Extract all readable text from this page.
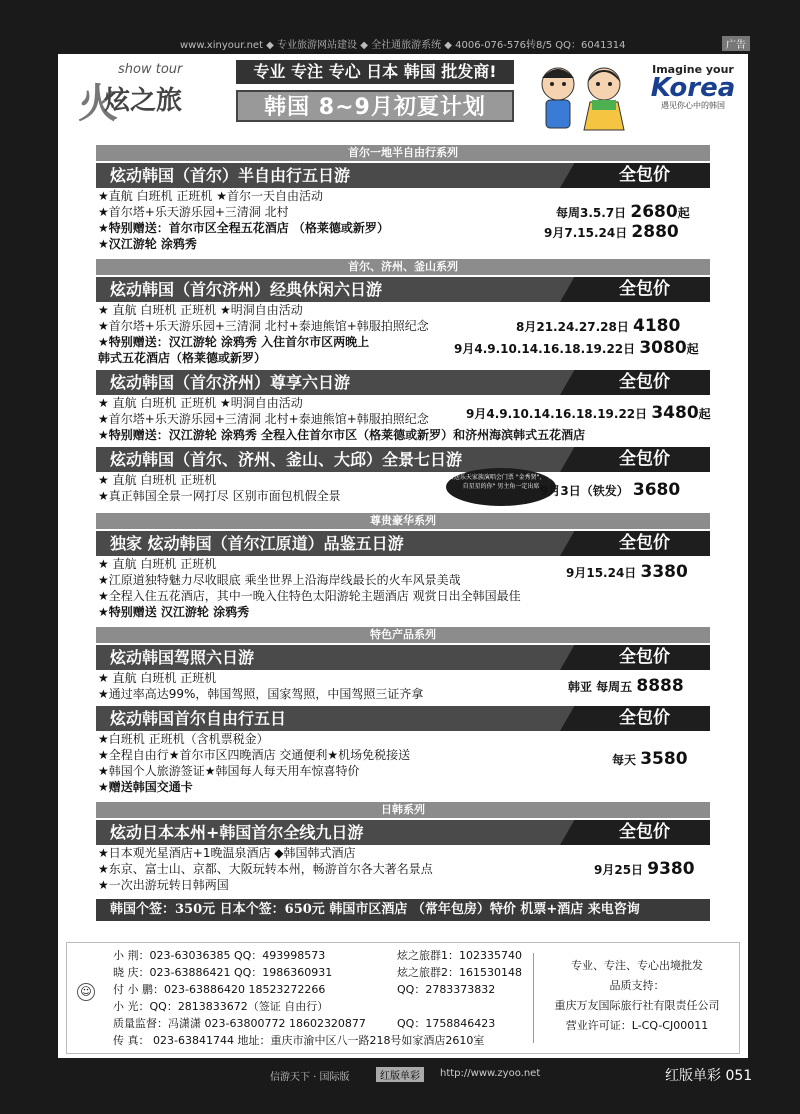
www.xinyour.net ◆ 专业旅游网站建设 ◆ 全社通旅游系统 ◆ 4006-076-576转8/5 QQ：6041314	广告
火
show tour
炫之旅
专业 专注 专心 日本 韩国 批发商!
韩国 8~9月初夏计划
Imagine your
Korea
遇见你心中的韩国
首尔一地半自由行系列
炫动韩国（首尔）半自由行五日游	全包价
★直航 白班机 正班机 ★首尔一天自由活动
★首尔塔+乐天游乐园+三清洞 北村
★特别赠送：首尔市区全程五花酒店 （格莱德或新罗）
★汉江游轮 涂鸦秀
每周3.5.7日 2680起
9月7.15.24日 2880
首尔、济州、釜山系列
炫动韩国（首尔济州）经典休闲六日游	全包价
★ 直航 白班机 正班机 ★明洞自由活动
★首尔塔+乐天游乐园+三清洞 北村+泰迪熊馆+韩服拍照纪念
★特别赠送：汉江游轮 涂鸦秀 入住首尔市区两晚上
韩式五花酒店（格莱德或新罗）
8月21.24.27.28日 4180
9月4.9.10.14.16.18.19.22日 3080起
炫动韩国（首尔济州）尊享六日游	全包价
★ 直航 白班机 正班机 ★明洞自由活动
★首尔塔+乐天游乐园+三清洞 北村+泰迪熊馆+韩服拍照纪念
★特别赠送：汉江游轮 涂鸦秀 全程入住首尔市区（格莱德或新罗）和济州海滨韩式五花酒店
9月4.9.10.14.16.18.19.22日 3480起
炫动韩国（首尔、济州、釜山、大邱）全景七日游	全包价
★ 直航 白班机 正班机
★真正韩国全景一网打尽 区别市面包机假全景
赠送乐天家族演唱会门票 "金秀贤"、"来自星星的你" 男主角一定出席 9月3日（铁发） 3680
尊贵豪华系列
独家 炫动韩国（首尔江原道）品鉴五日游	全包价
★ 直航 白班机 正班机
★江原道独特魅力尽收眼底 乘坐世界上沿海岸线最长的火车风景美哉
★全程入住五花酒店，其中一晚入住特色太阳游轮主题酒店 观赏日出全韩国最佳
★特别赠送 汉江游轮 涂鸦秀
9月15.24日 3380
特色产品系列
炫动韩国驾照六日游	全包价
★ 直航 白班机 正班机
★通过率高达99%，韩国驾照，国家驾照，中国驾照三证齐拿	韩亚 每周五 8888
炫动韩国首尔自由行五日	全包价
★白班机 正班机（含机票税金）
★全程自由行★首尔市区四晚酒店 交通便利★机场免税接送
★韩国个人旅游签证★韩国每人每天用车惊喜特价
★赠送韩国交通卡
每天 3580
日韩系列
炫动日本本州+韩国首尔全线九日游	全包价
★日本观光星酒店+1晚温泉酒店 ◆韩国韩式酒店
★东京、富士山、京都、大阪玩转本州，畅游首尔各大著名景点
★一次出游玩转日韩两国
9月25日 9380
韩国个签：350元 日本个签：650元 韩国市区酒店 （常年包房）特价 机票+酒店 来电咨询
☺
小 荆：023-63036385 QQ：493998573
晓 庆：023-63886421 QQ：1986360931
付 小 鹏：023-63886420 18523272266
小 光：QQ：2813833672（签证 自由行）
质量监督：冯潇潇 023-63800772 18602320877
传 真： 023-63841744 地址：重庆市渝中区八一路218号如家酒店2610室
炫之旅群1：102335740
炫之旅群2：161530148
QQ：2783373832
QQ：1758846423
专业、专注、专心出境批发
品质支持：
重庆万友国际旅行社有限责任公司
营业许可证：L-CQ-CJ00011
信游天下 · 国际版	红版单彩	http://www.zyoo.net	红版单彩 051
